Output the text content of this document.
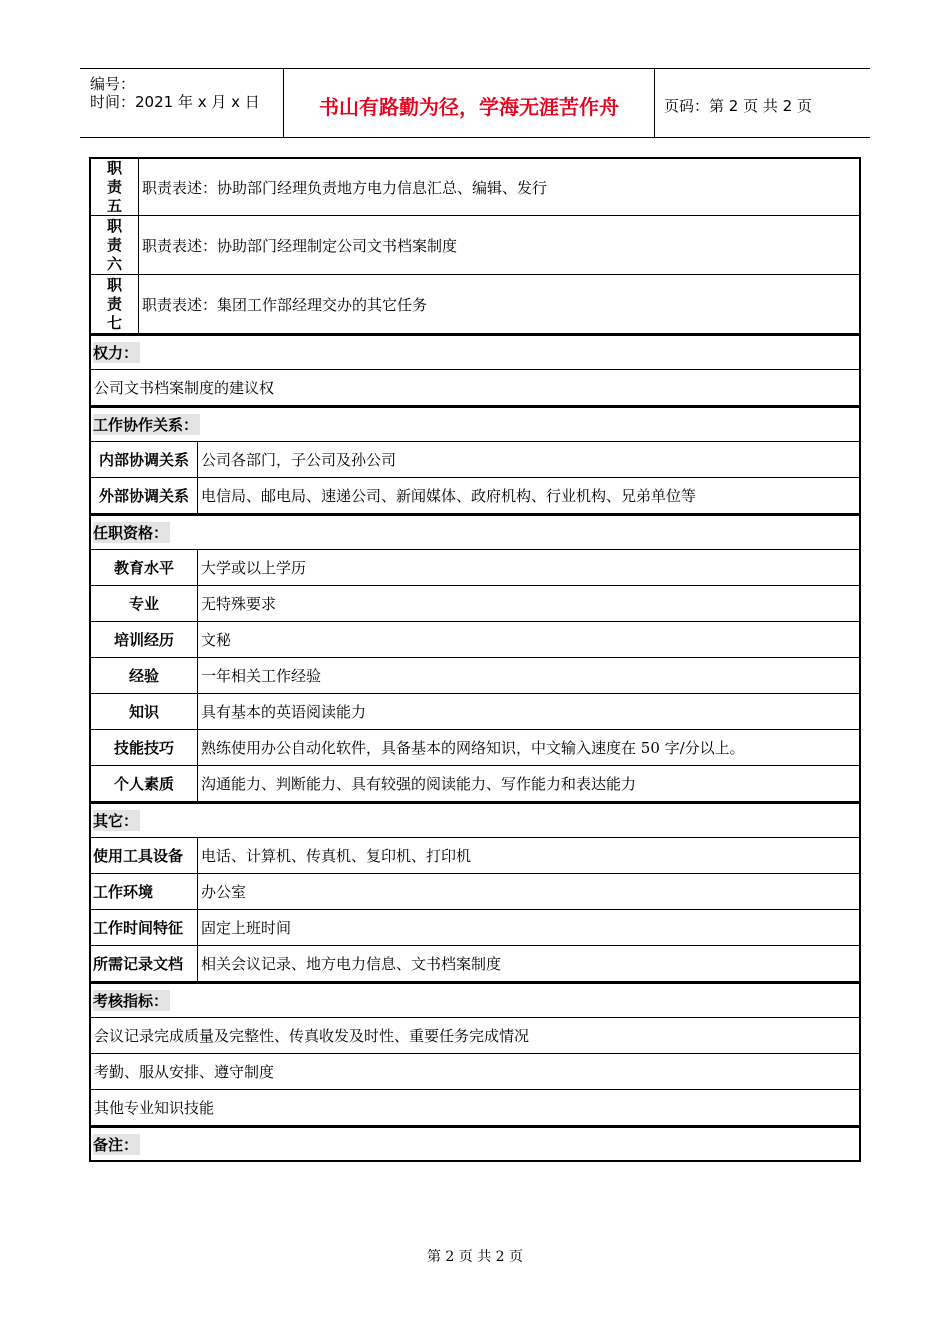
编号：
时间：2021 年 x 月 x 日	书山有路勤为径，学海无涯苦作舟	页码：第 2 页 共 2 页
职
责
五
职责表述：协助部门经理负责地方电力信息汇总、编辑、发行
职
责
六
职责表述：协助部门经理制定公司文书档案制度
职
责
七
职责表述：集团工作部经理交办的其它任务
权力：
公司文书档案制度的建议权
工作协作关系：
内部协调关系 公司各部门，子公司及孙公司
外部协调关系 电信局、邮电局、速递公司、新闻媒体、政府机构、行业机构、兄弟单位等
任职资格：
教育水平 大学或以上学历
专业	无特殊要求
培训经历 文秘
经验	一年相关工作经验
知识	具有基本的英语阅读能力
技能技巧 熟练使用办公自动化软件，具备基本的网络知识，中文输入速度在 50 字/分以上。
个人素质 沟通能力、判断能力、具有较强的阅读能力、写作能力和表达能力
其它：
使用工具设备 电话、计算机、传真机、复印机、打印机
工作环境	办公室
工作时间特征 固定上班时间
所需记录文档 相关会议记录、地方电力信息、文书档案制度
考核指标：
会议记录完成质量及完整性、传真收发及时性、重要任务完成情况
考勤、服从安排、遵守制度
其他专业知识技能
备注：
第 2 页 共 2 页
